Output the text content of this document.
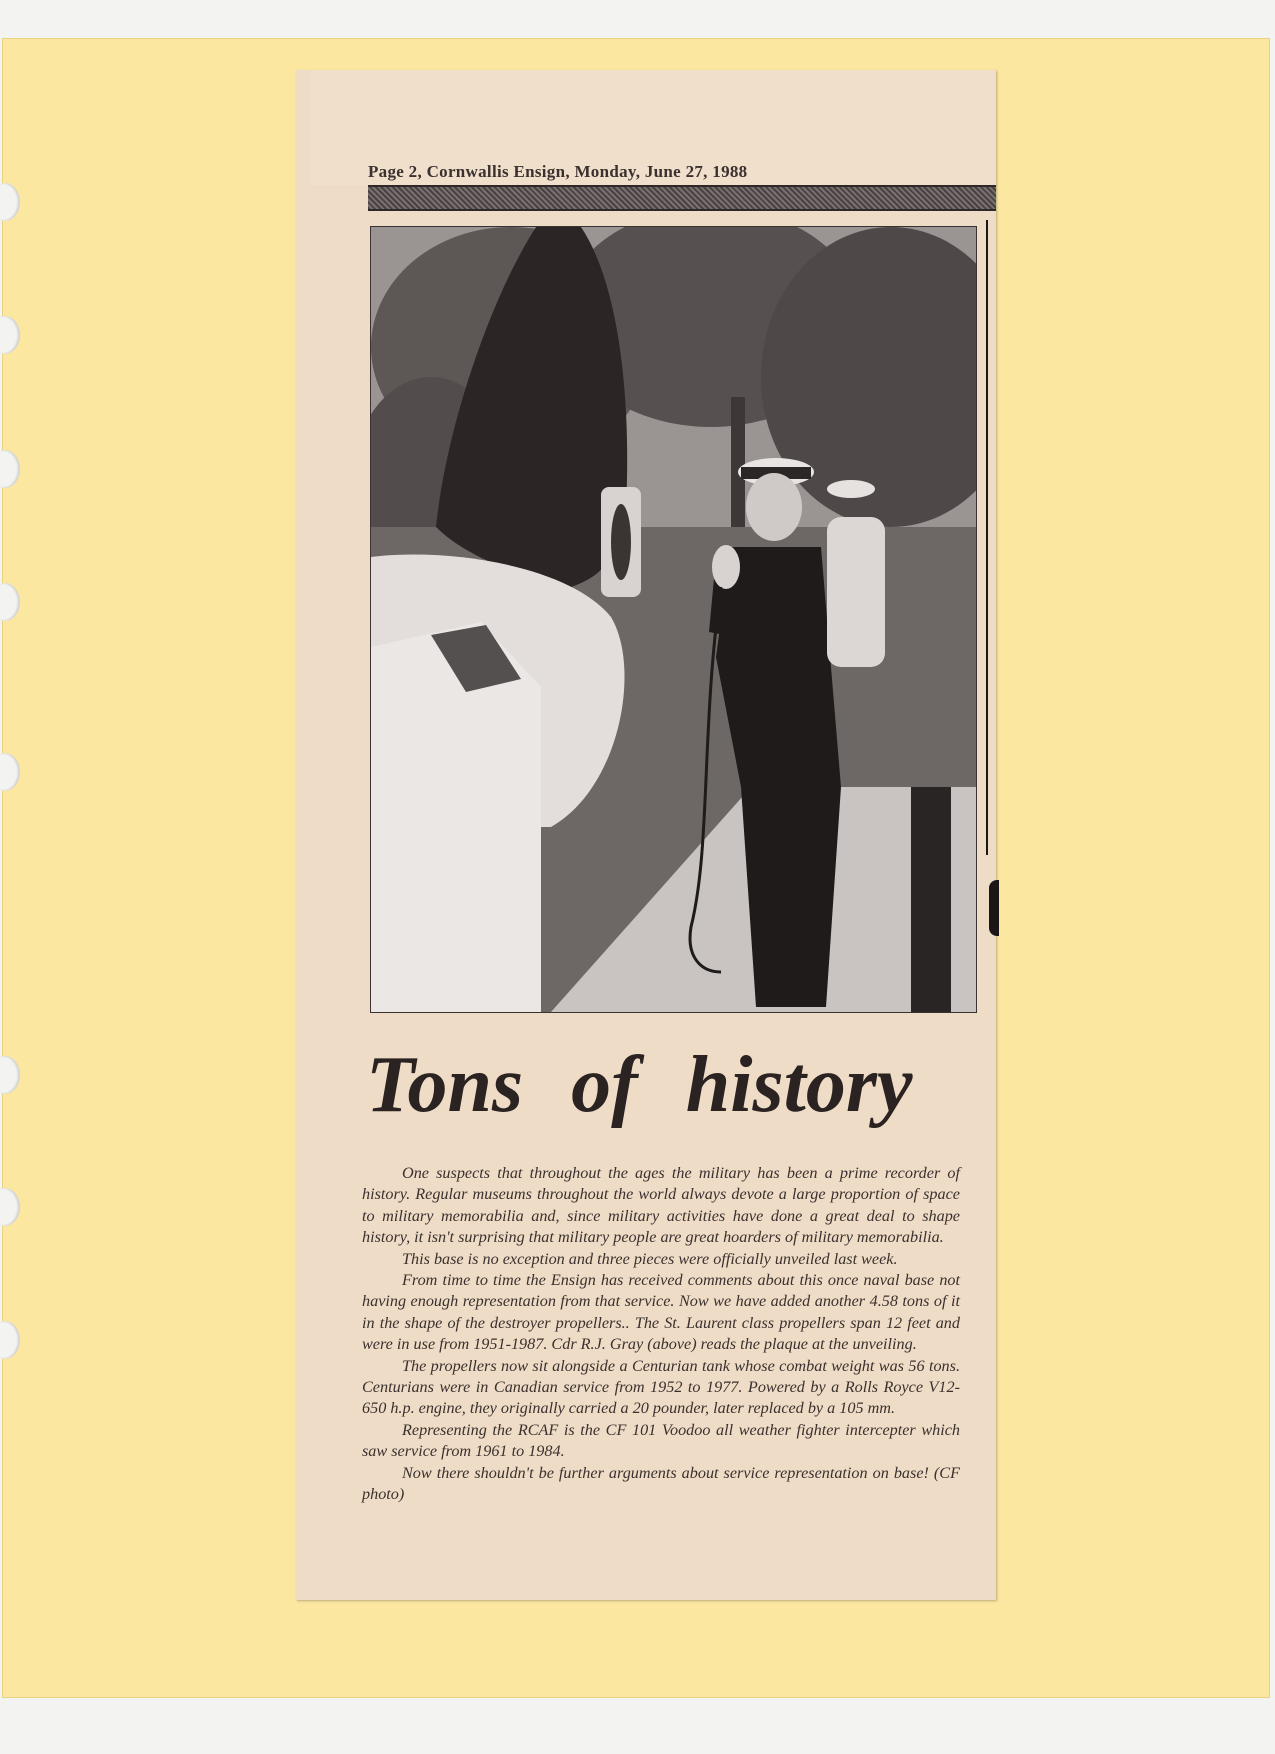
Page 2, Cornwallis Ensign, Monday, June 27, 1988
Tons of history

One suspects that throughout the ages the military has been a prime recorder of history. Regular museums throughout the world always devote a large proportion of space to military memorabilia and, since military activities have done a great deal to shape history, it isn't surprising that military people are great hoarders of military memorabilia.

This base is no exception and three pieces were officially unveiled last week.

From time to time the Ensign has received comments about this once naval base not having enough representation from that service. Now we have added another 4.58 tons of it in the shape of the destroyer propellers.. The St. Laurent class propellers span 12 feet and were in use from 1951-1987. Cdr R.J. Gray (above) reads the plaque at the unveiling.

The propellers now sit alongside a Centurian tank whose combat weight was 56 tons. Centurians were in Canadian service from 1952 to 1977. Powered by a Rolls Royce V12-650 h.p. engine, they originally carried a 20 pounder, later replaced by a 105 mm.

Representing the RCAF is the CF 101 Voodoo all weather fighter intercepter which saw service from 1961 to 1984.

Now there shouldn't be further arguments about service representation on base! (CF photo)
